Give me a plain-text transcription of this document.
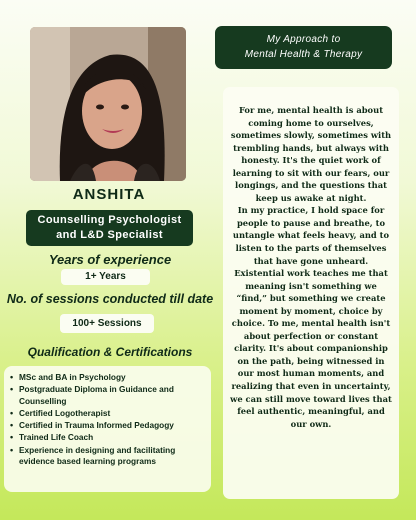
ANSHITA
Counselling Psychologist
and L&D Specialist
Years of experience
1+ Years
No. of sessions conducted till date
100+ Sessions
Qualification & Certifications
• MSc and BA in Psychology
• Postgraduate Diploma in Guidance and Counselling
• Certified Logotherapist
• Certified in Trauma Informed Pedagogy
• Trained Life Coach
• Experience in designing and facilitating evidence based learning programs
My Approach to
Mental Health & Therapy

For me, mental health is about coming home to ourselves, sometimes slowly, sometimes with trembling hands, but always with honesty. It's the quiet work of learning to sit with our fears, our longings, and the questions that keep us awake at night.

In my practice, I hold space for people to pause and breathe, to untangle what feels heavy, and to listen to the parts of themselves that have gone unheard. Existential work teaches me that meaning isn't something we “find,” but something we create moment by moment, choice by choice. To me, mental health isn't about perfection or constant clarity. It's about companionship on the path, being witnessed in our most human moments, and realizing that even in uncertainty, we can still move toward lives that feel authentic, meaningful, and our own.
